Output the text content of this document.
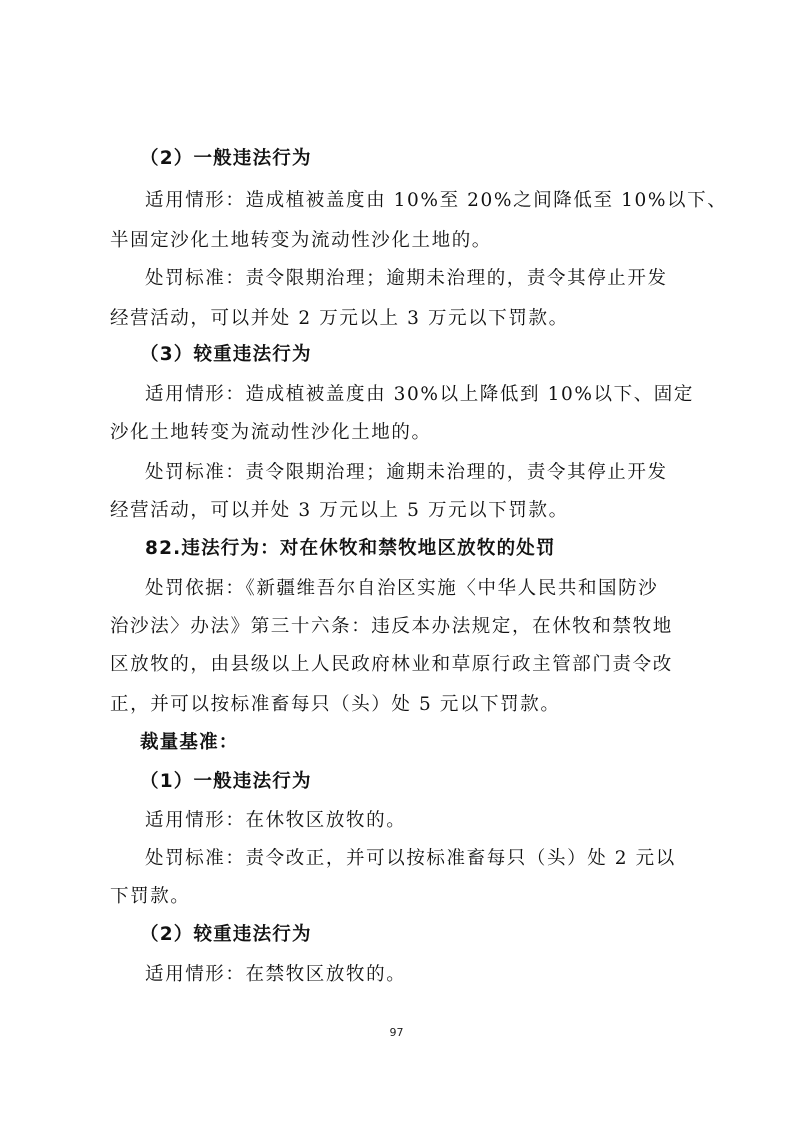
（2）一般违法行为
适用情形：造成植被盖度由 10%至 20%之间降低至 10%以下、
半固定沙化土地转变为流动性沙化土地的。
处罚标准：责令限期治理；逾期未治理的，责令其停止开发
经营活动，可以并处 2 万元以上 3 万元以下罚款。
（3）较重违法行为
适用情形：造成植被盖度由 30%以上降低到 10%以下、固定
沙化土地转变为流动性沙化土地的。
处罚标准：责令限期治理；逾期未治理的，责令其停止开发
经营活动，可以并处 3 万元以上 5 万元以下罚款。
82.违法行为：对在休牧和禁牧地区放牧的处罚
处罚依据：《新疆维吾尔自治区实施〈中华人民共和国防沙
治沙法〉办法》第三十六条：违反本办法规定，在休牧和禁牧地
区放牧的，由县级以上人民政府林业和草原行政主管部门责令改
正，并可以按标准畜每只（头）处 5 元以下罚款。
裁量基准：
（1）一般违法行为
适用情形：在休牧区放牧的。
处罚标准：责令改正，并可以按标准畜每只（头）处 2 元以
下罚款。
（2）较重违法行为
适用情形：在禁牧区放牧的。
97
